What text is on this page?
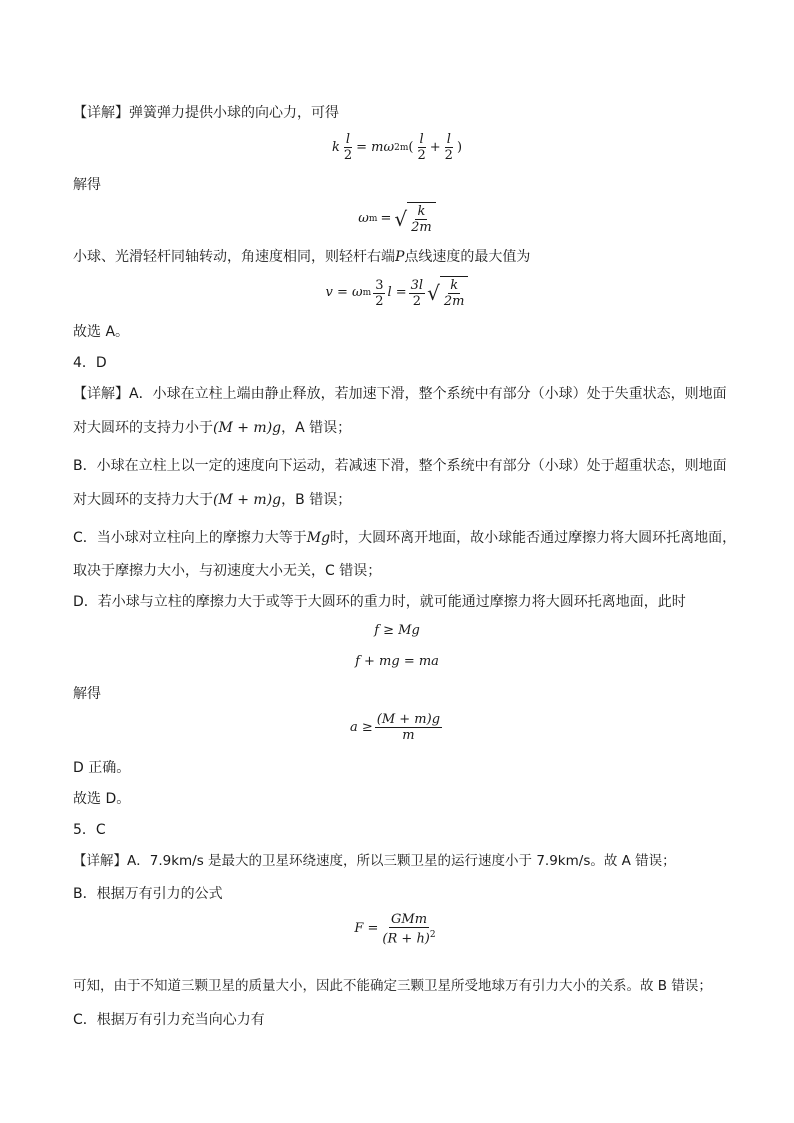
【详解】弹簧弹力提供小球的向心力，可得
k $\frac{l}{2} = m\omega$ 2 m ( $\frac{l}{2} + \frac{l}{2}$ )
解得
ω m = √ $\frac{k}{2m}$
小球、光滑轻杆同轴转动，角速度相同，则轻杆右端P点线速度的最大值为
v = ω m $\frac{3}{2}$ $l = \frac{3l}{2}$ √ $\frac{k}{2m}$
故选 A。
4．D
【详解】A．小球在立柱上端由静止释放，若加速下滑，整个系统中有部分（小球）处于失重状态，则地面
对大圆环的支持力小于(M + m)g，A 错误；
B．小球在立柱上以一定的速度向下运动，若减速下滑，整个系统中有部分（小球）处于超重状态，则地面
对大圆环的支持力大于(M + m)g，B 错误；
C．当小球对立柱向上的摩擦力大等于Mg时，大圆环离开地面，故小球能否通过摩擦力将大圆环托离地面，
取决于摩擦力大小，与初速度大小无关，C 错误；
D．若小球与立柱的摩擦力大于或等于大圆环的重力时，就可能通过摩擦力将大圆环托离地面，此时
f ≥ Mg
f + mg = ma
解得
$a \ge \frac{(M + m)g}{m}$
D 正确。
故选 D。
5．C
【详解】A．7.9km/s 是最大的卫星环绕速度，所以三颗卫星的运行速度小于 7.9km/s。故 A 错误；
B．根据万有引力的公式
$F = \frac{\text{GMm}}{(R + h)^2}$
可知，由于不知道三颗卫星的质量大小，因此不能确定三颗卫星所受地球万有引力大小的关系。故 B 错误；
C．根据万有引力充当向心力有
